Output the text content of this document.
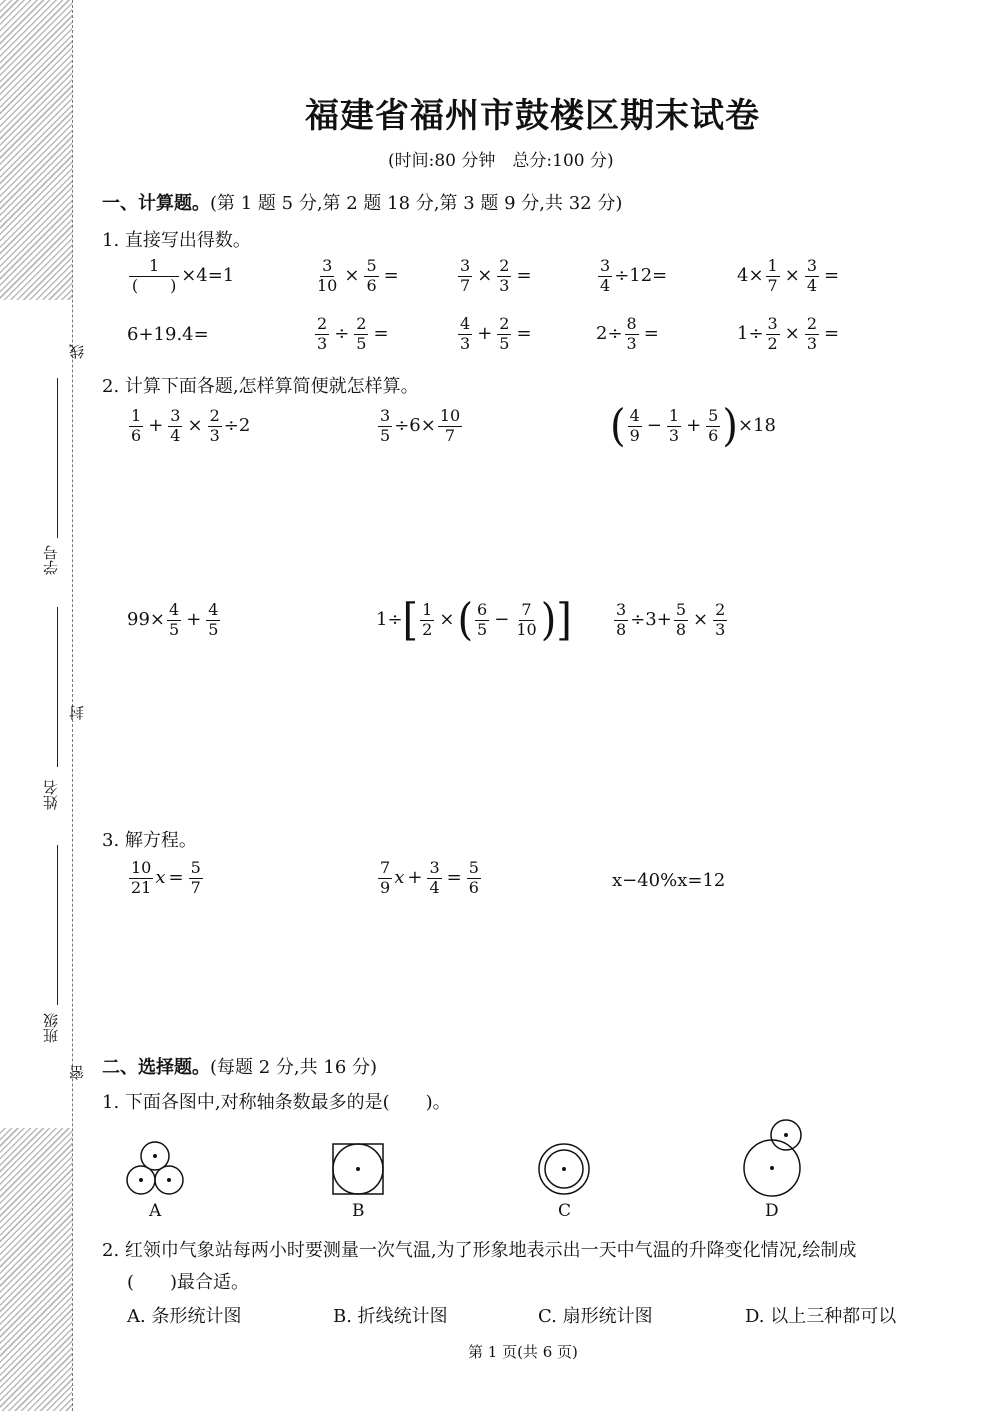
线
封
密
学号
姓名
班级
福建省福州市鼓楼区期末试卷
(时间:80 分钟　总分:100 分)
一、计算题。(第 1 题 5 分,第 2 题 18 分,第 3 题 9 分,共 32 分)
1. 直接写出得数。
$\frac{1}{( )} \times 4=1$	$\frac{3}{10} \times \frac{5}{6}$ =	$\frac{3}{7} \times \frac{2}{3}$ =	$\frac{3}{4} \div 12=$	$4\times \frac{1}{7} \times \frac{3}{4}$ =
6+19.4=	$\frac{2}{3} \div \frac{2}{5}$ =	$\frac{4}{3} + \frac{2}{5}$ =	$2\div \frac{8}{3}$ =	$1\div \frac{3}{2} \times \frac{2}{3}$ =
2. 计算下面各题,怎样算简便就怎样算。
$\frac{1}{6} + \frac{3}{4} \times \frac{2}{3} \div 2$	$\frac{3}{5} \div 6\times \frac{10}{7}$	( $\frac{4}{9} - \frac{1}{3} + \frac{5}{6}$ ) ×18
$99\times \frac{4}{5} + \frac{4}{5}$	1÷ [ $\frac{1}{2}$ × ( $\frac{6}{5} - \frac{7}{10}$ ) ]	$\frac{3}{8} \div 3+ \frac{5}{8} \times \frac{2}{3}$
3. 解方程。
$\frac{10}{21}$ $x = \frac{5}{7}$	$\frac{7}{9}$ $x + \frac{3}{4} = \frac{5}{6}$	x−40%x=12
二、选择题。(每题 2 分,共 16 分)
1. 下面各图中,对称轴条数最多的是(　　)。
A	B	C	D
2. 红领巾气象站每两小时要测量一次气温,为了形象地表示出一天中气温的升降变化情况,绘制成
(　　)最合适。
A. 条形统计图	B. 折线统计图	C. 扇形统计图	D. 以上三种都可以
第 1 页(共 6 页)
